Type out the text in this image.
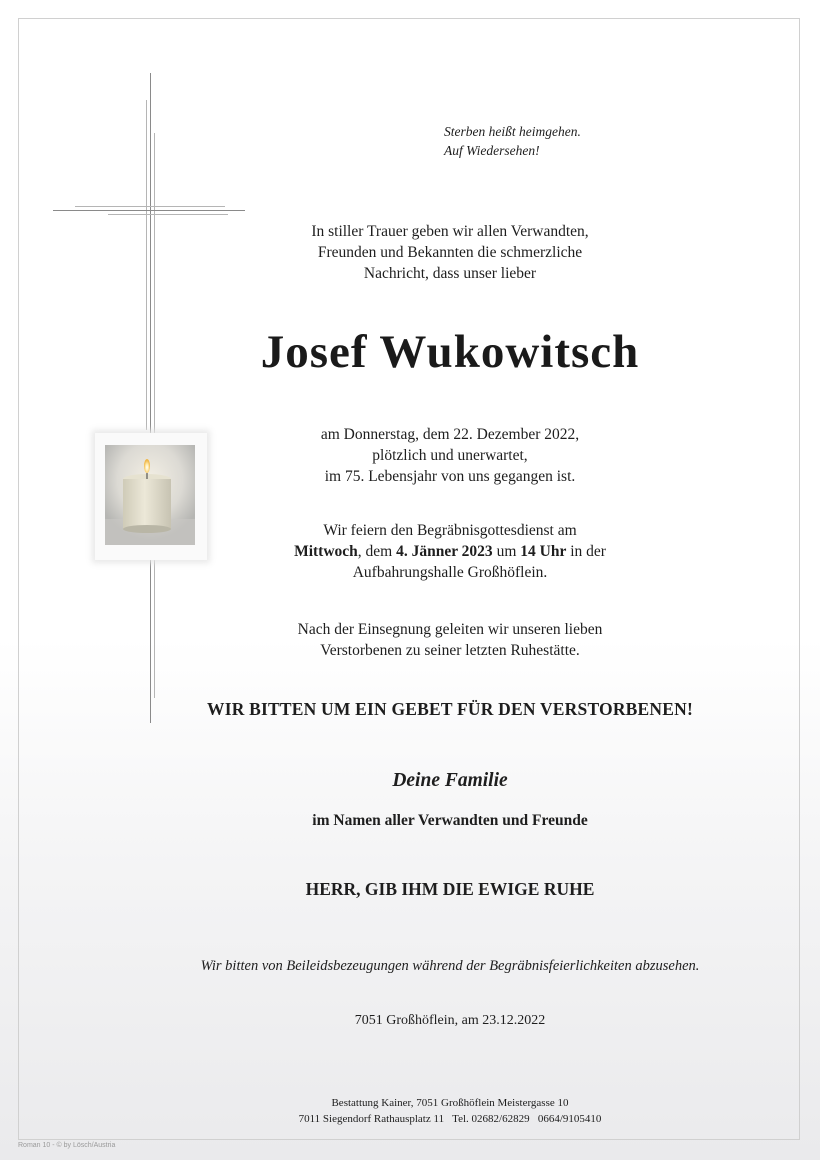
Sterben heißt heimgehen.
Auf Wiedersehen!
In stiller Trauer geben wir allen Verwandten,
Freunden und Bekannten die schmerzliche
Nachricht, dass unser lieber
Josef Wukowitsch
am Donnerstag, dem 22. Dezember 2022,
plötzlich und unerwartet,
im 75. Lebensjahr von uns gegangen ist.
Wir feiern den Begräbnisgottesdienst am
Mittwoch, dem 4. Jänner 2023 um 14 Uhr in der
Aufbahrungshalle Großhöflein.
Nach der Einsegnung geleiten wir unseren lieben
Verstorbenen zu seiner letzten Ruhestätte.
WIR BITTEN UM EIN GEBET FÜR DEN VERSTORBENEN!
Deine Familie
im Namen aller Verwandten und Freunde
HERR, GIB IHM DIE EWIGE RUHE
Wir bitten von Beileidsbezeugungen während der Begräbnisfeierlichkeiten abzusehen.
7051 Großhöflein, am 23.12.2022
Bestattung Kainer, 7051 Großhöflein Meistergasse 10
7011 Siegendorf Rathausplatz 11   Tel. 02682/62829   0664/9105410
Roman 10 - © by Lösch/Austria
